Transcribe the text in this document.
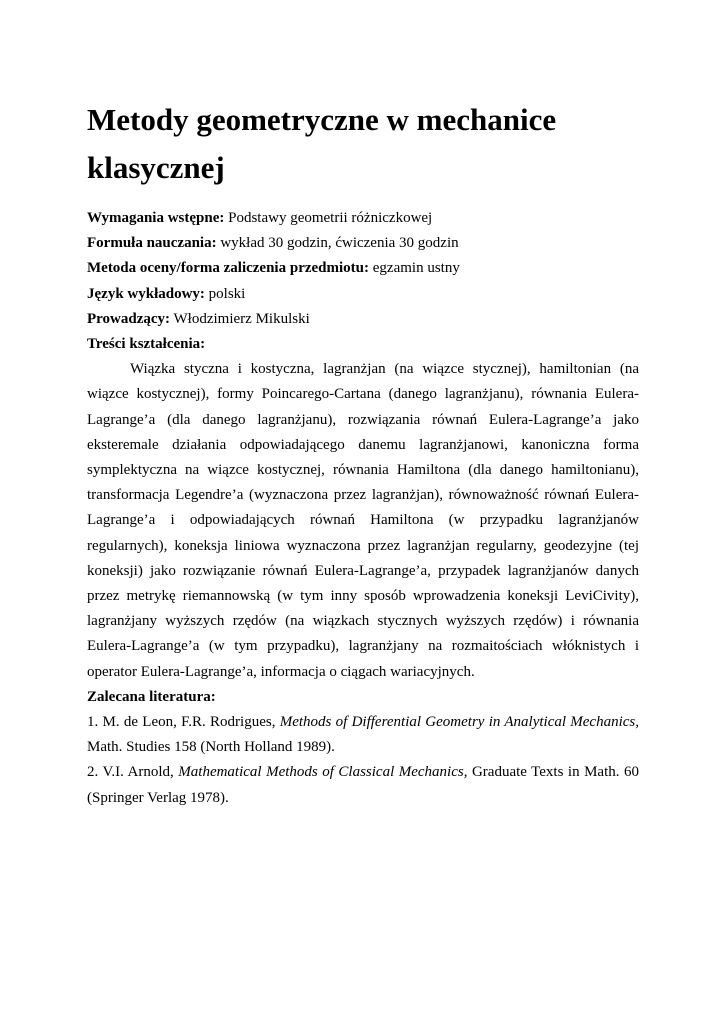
Metody geometryczne w mechanice klasycznej

Wymagania wstępne: Podstawy geometrii różniczkowej

Formuła nauczania: wykład 30 godzin, ćwiczenia 30 godzin

Metoda oceny/forma zaliczenia przedmiotu: egzamin ustny

Język wykładowy: polski

Prowadzący: Włodzimierz Mikulski

Treści kształcenia:

Wiązka styczna i kostyczna, lagranżjan (na wiązce stycznej), hamiltonian (na wiązce kostycznej), formy Poincarego-Cartana (danego lagranżjanu), równania Eulera-Lagrange’a (dla danego lagranżjanu), rozwiązania równań Eulera-Lagrange’a jako eksteremale działania odpowiadającego danemu lagranżjanowi, kanoniczna forma symplektyczna na wiązce kostycznej, równania Hamiltona (dla danego hamiltonianu), transformacja Legendre’a (wyznaczona przez lagranżjan), równoważność równań Eulera-Lagrange’a i odpowiadających równań Hamiltona (w przypadku lagranżjanów regularnych), koneksja liniowa wyznaczona przez lagranżjan regularny, geodezyjne (tej koneksji) jako rozwiązanie równań Eulera-Lagrange’a, przypadek lagranżjanów danych przez metrykę riemannowską (w tym inny sposób wprowadzenia koneksji LeviCivity), lagranżjany wyższych rzędów (na wiązkach stycznych wyższych rzędów) i równania Eulera-Lagrange’a (w tym przypadku), lagranżjany na rozmaitościach włóknistych i operator Eulera-Lagrange’a, informacja o ciągach wariacyjnych.

Zalecana literatura:

1. M. de Leon, F.R. Rodrigues, Methods of Differential Geometry in Analytical Mechanics, Math. Studies 158 (North Holland 1989).

2. V.I. Arnold, Mathematical Methods of Classical Mechanics, Graduate Texts in Math. 60 (Springer Verlag 1978).
